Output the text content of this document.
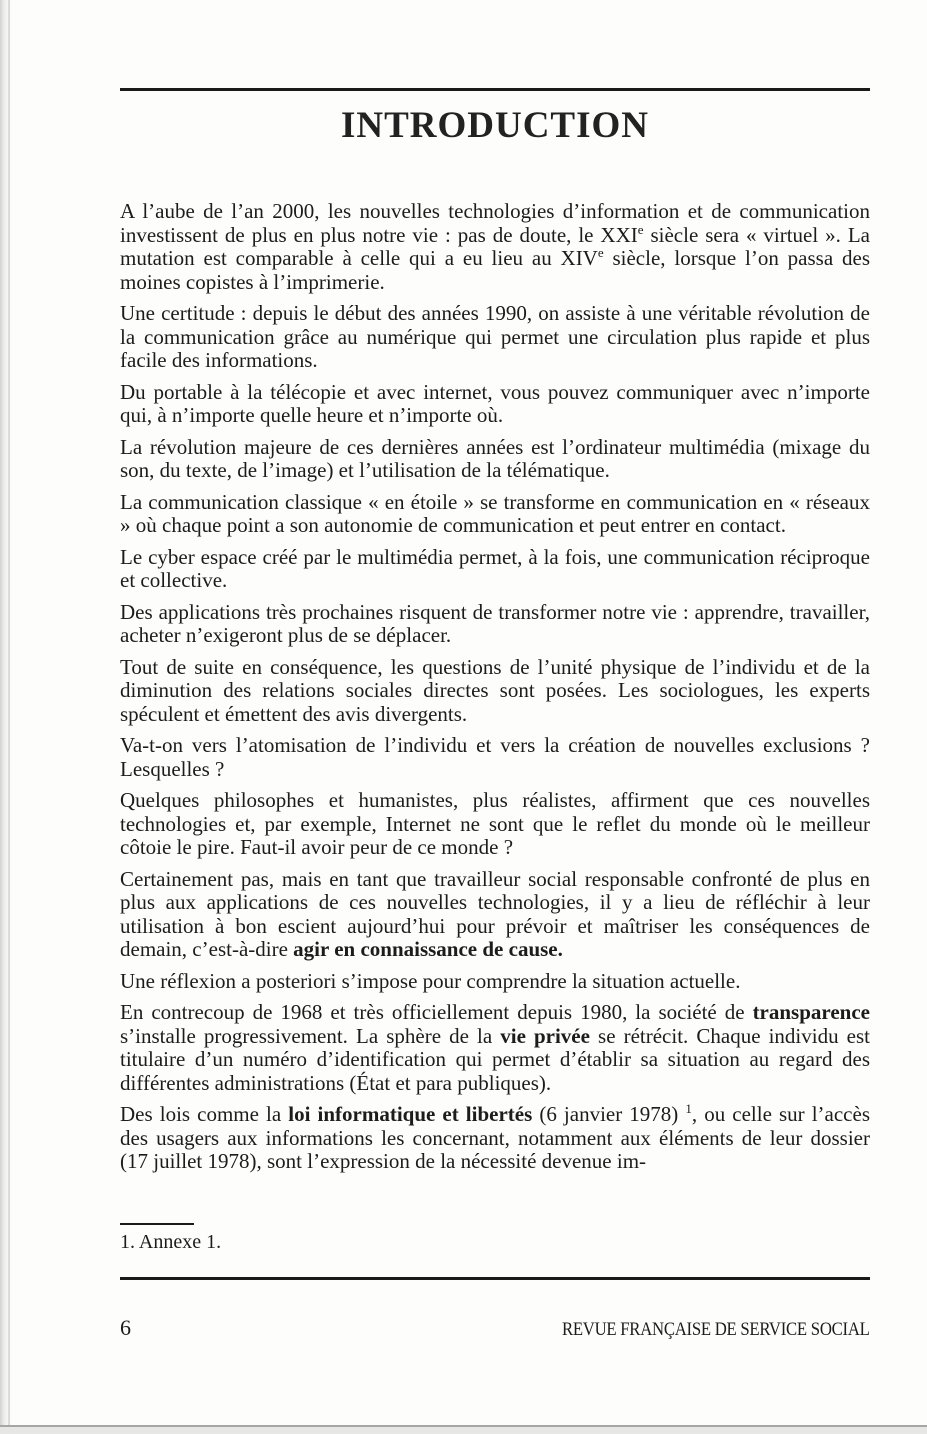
INTRODUCTION

A l’aube de l’an 2000, les nouvelles technologies d’information et de communication investissent de plus en plus notre vie : pas de doute, le XXIe siècle sera « virtuel ». La mutation est comparable à celle qui a eu lieu au XIVe siècle, lorsque l’on passa des moines copistes à l’imprimerie.

Une certitude : depuis le début des années 1990, on assiste à une véritable révolution de la communication grâce au numérique qui permet une circulation plus rapide et plus facile des informations.

Du portable à la télécopie et avec internet, vous pouvez communiquer avec n’importe qui, à n’importe quelle heure et n’importe où.

La révolution majeure de ces dernières années est l’ordinateur multimédia (mixage du son, du texte, de l’image) et l’utilisation de la télématique.

La communication classique « en étoile » se transforme en communication en « réseaux » où chaque point a son autonomie de communication et peut entrer en contact.

Le cyber espace créé par le multimédia permet, à la fois, une communication réciproque et collective.

Des applications très prochaines risquent de transformer notre vie : apprendre, travailler, acheter n’exigeront plus de se déplacer.

Tout de suite en conséquence, les questions de l’unité physique de l’individu et de la diminution des relations sociales directes sont posées. Les sociologues, les experts spéculent et émettent des avis divergents.

Va-t-on vers l’atomisation de l’individu et vers la création de nouvelles exclusions ? Lesquelles ?

Quelques philosophes et humanistes, plus réalistes, affirment que ces nouvelles technologies et, par exemple, Internet ne sont que le reflet du monde où le meilleur côtoie le pire. Faut-il avoir peur de ce monde ?

Certainement pas, mais en tant que travailleur social responsable confronté de plus en plus aux applications de ces nouvelles technologies, il y a lieu de réfléchir à leur utilisation à bon escient aujourd’hui pour prévoir et maîtriser les conséquences de demain, c’est-à-dire agir en connaissance de cause.

Une réflexion a posteriori s’impose pour comprendre la situation actuelle.

En contrecoup de 1968 et très officiellement depuis 1980, la société de transparence s’installe progressivement. La sphère de la vie privée se rétrécit. Chaque individu est titulaire d’un numéro d’identification qui permet d’établir sa situation au regard des différentes administrations (État et para publiques).

Des lois comme la loi informatique et libertés (6 janvier 1978) $^1$, ou celle sur l’accès des usagers aux informations les concernant, notamment aux éléments de leur dossier (17 juillet 1978), sont l’expression de la nécessité devenue im-

1. Annexe 1.
6	REVUE FRANÇAISE DE SERVICE SOCIAL
